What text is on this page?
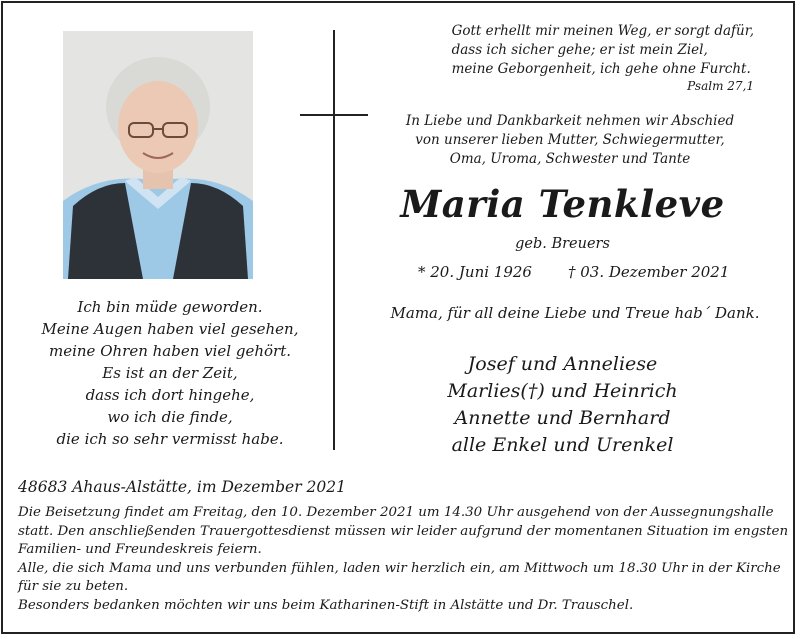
Ich bin müde geworden.
Meine Augen haben viel gesehen,
meine Ohren haben viel gehört.
Es ist an der Zeit,
dass ich dort hingehe,
wo ich die finde,
die ich so sehr vermisst habe.
Gott erhellt mir meinen Weg, er sorgt dafür,
dass ich sicher gehe; er ist mein Ziel,
meine Geborgenheit, ich gehe ohne Furcht.
Psalm 27,1
In Liebe und Dankbarkeit nehmen wir Abschied
von unserer lieben Mutter, Schwiegermutter,
Oma, Uroma, Schwester und Tante
Maria Tenkleve
geb. Breuers
* 20. Juni 1926 † 03. Dezember 2021
Mama, für all deine Liebe und Treue hab´ Dank.
Josef und Anneliese
Marlies(†) und Heinrich
Annette und Bernhard
alle Enkel und Urenkel
48683 Ahaus-Alstätte, im Dezember 2021
Die Beisetzung findet am Freitag, den 10. Dezember 2021 um 14.30 Uhr ausgehend von der Aussegnungshalle
statt. Den anschließenden Trauergottesdienst müssen wir leider aufgrund der momentanen Situation im engsten
Familien- und Freundeskreis feiern.
Alle, die sich Mama und uns verbunden fühlen, laden wir herzlich ein, am Mittwoch um 18.30 Uhr in der Kirche
für sie zu beten.
Besonders bedanken möchten wir uns beim Katharinen-Stift in Alstätte und Dr. Trauschel.
